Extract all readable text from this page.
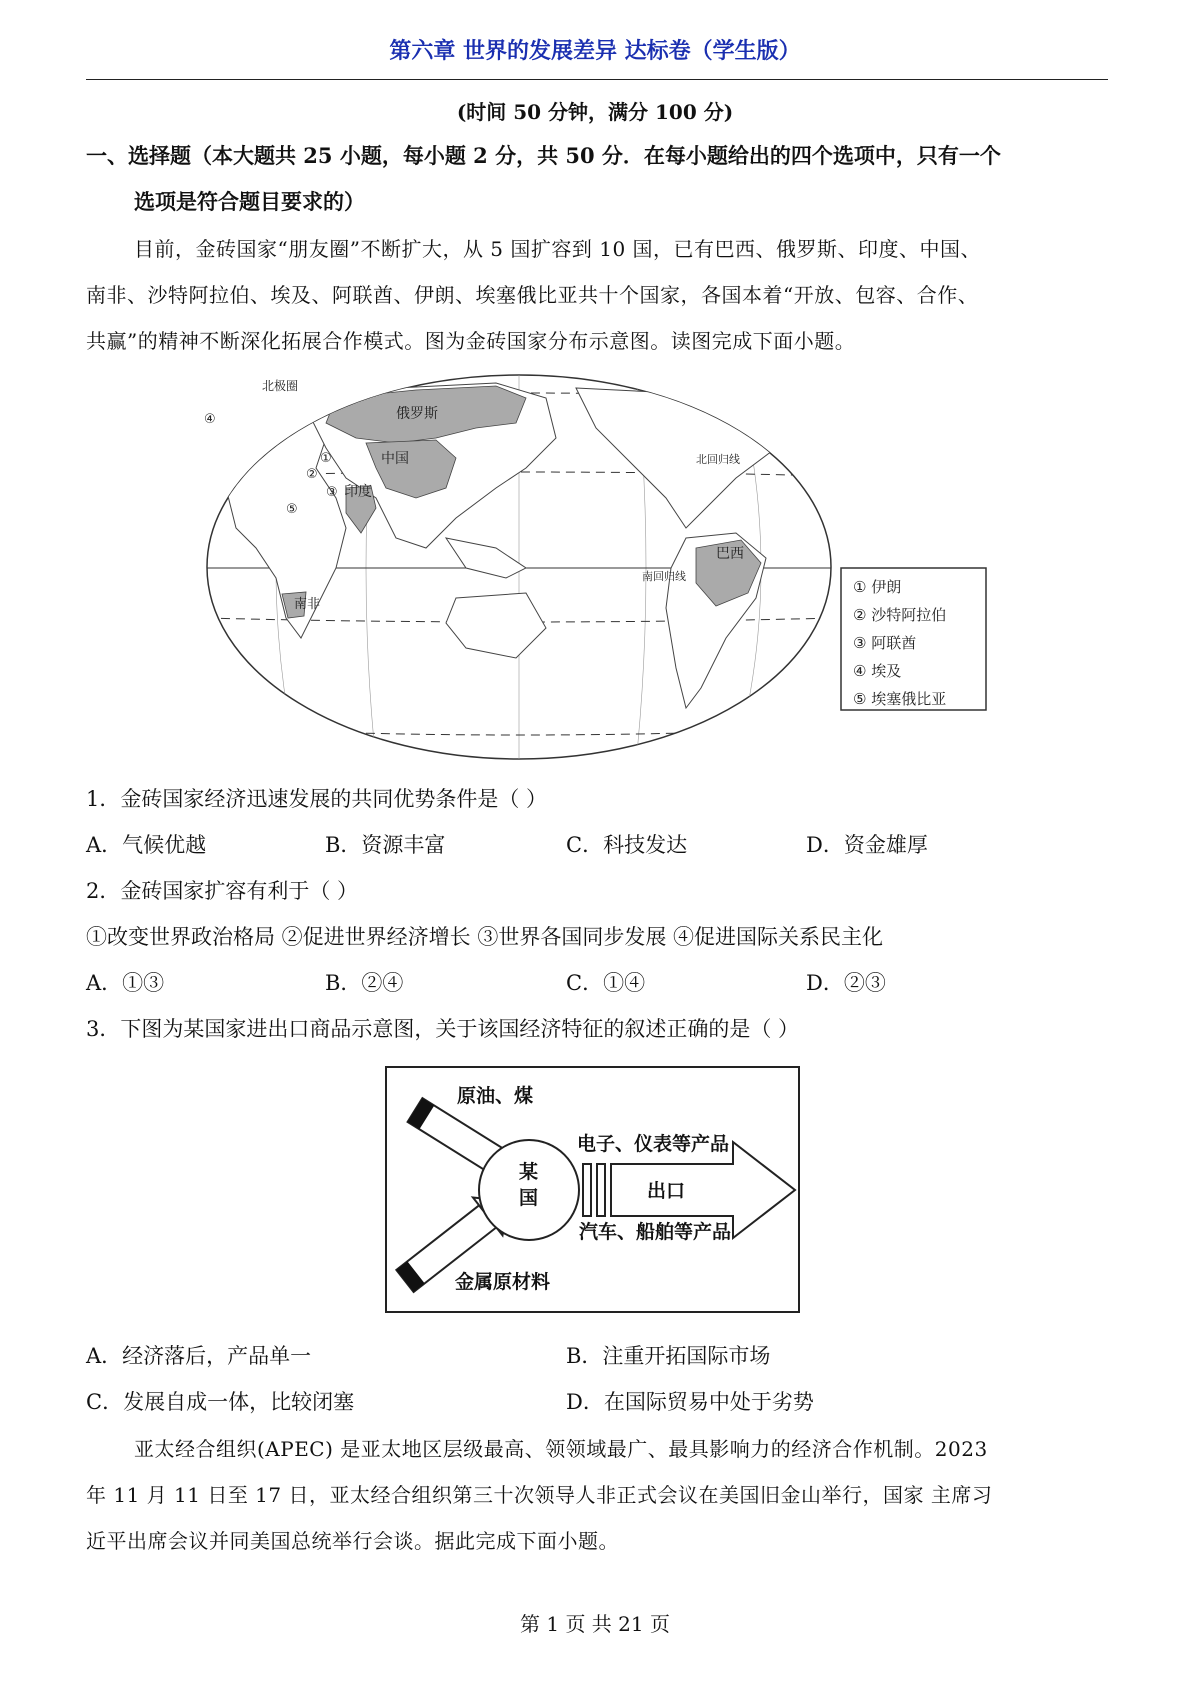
第六章 世界的发展差异 达标卷（学生版）
(时间 50 分钟，满分 100 分)
一、选择题（本大题共 25 小题，每小题 2 分，共 50 分．在每小题给出的四个选项中，只有一个
选项是符合题目要求的）
目前，金砖国家“朋友圈”不断扩大，从 5 国扩容到 10 国，已有巴西、俄罗斯、印度、中国、
南非、沙特阿拉伯、埃及、阿联酋、伊朗、埃塞俄比亚共十个国家，各国本着“开放、包容、合作、
共赢”的精神不断深化拓展合作模式。图为金砖国家分布示意图。读图完成下面小题。
北极圈
俄罗斯
中国
印度
巴西
南非
北回归线
南回归线
④
①
②
③
⑤
① 伊朗
② 沙特阿拉伯
③ 阿联酋
④ 埃及
⑤ 埃塞俄比亚
1．金砖国家经济迅速发展的共同优势条件是（ ）
A．气候优越	B．资源丰富	C．科技发达	D．资金雄厚
2．金砖国家扩容有利于（ ）
①改变世界政治格局 ②促进世界经济增长 ③世界各国同步发展 ④促进国际关系民主化
A．①③	B．②④	C．①④	D．②③
3．下图为某国家进出口商品示意图，关于该国经济特征的叙述正确的是（ ）
原油、煤
金属原材料
某
国
电子、仪表等产品
出口
汽车、船舶等产品
A．经济落后，产品单一	B．注重开拓国际市场
C．发展自成一体，比较闭塞	D．在国际贸易中处于劣势
亚太经合组织(APEC) 是亚太地区层级最高、领领域最广、最具影响力的经济合作机制。2023
年 11 月 11 日至 17 日，亚太经合组织第三十次领导人非正式会议在美国旧金山举行，国家 主席习
近平出席会议并同美国总统举行会谈。据此完成下面小题。
第 1 页 共 21 页
